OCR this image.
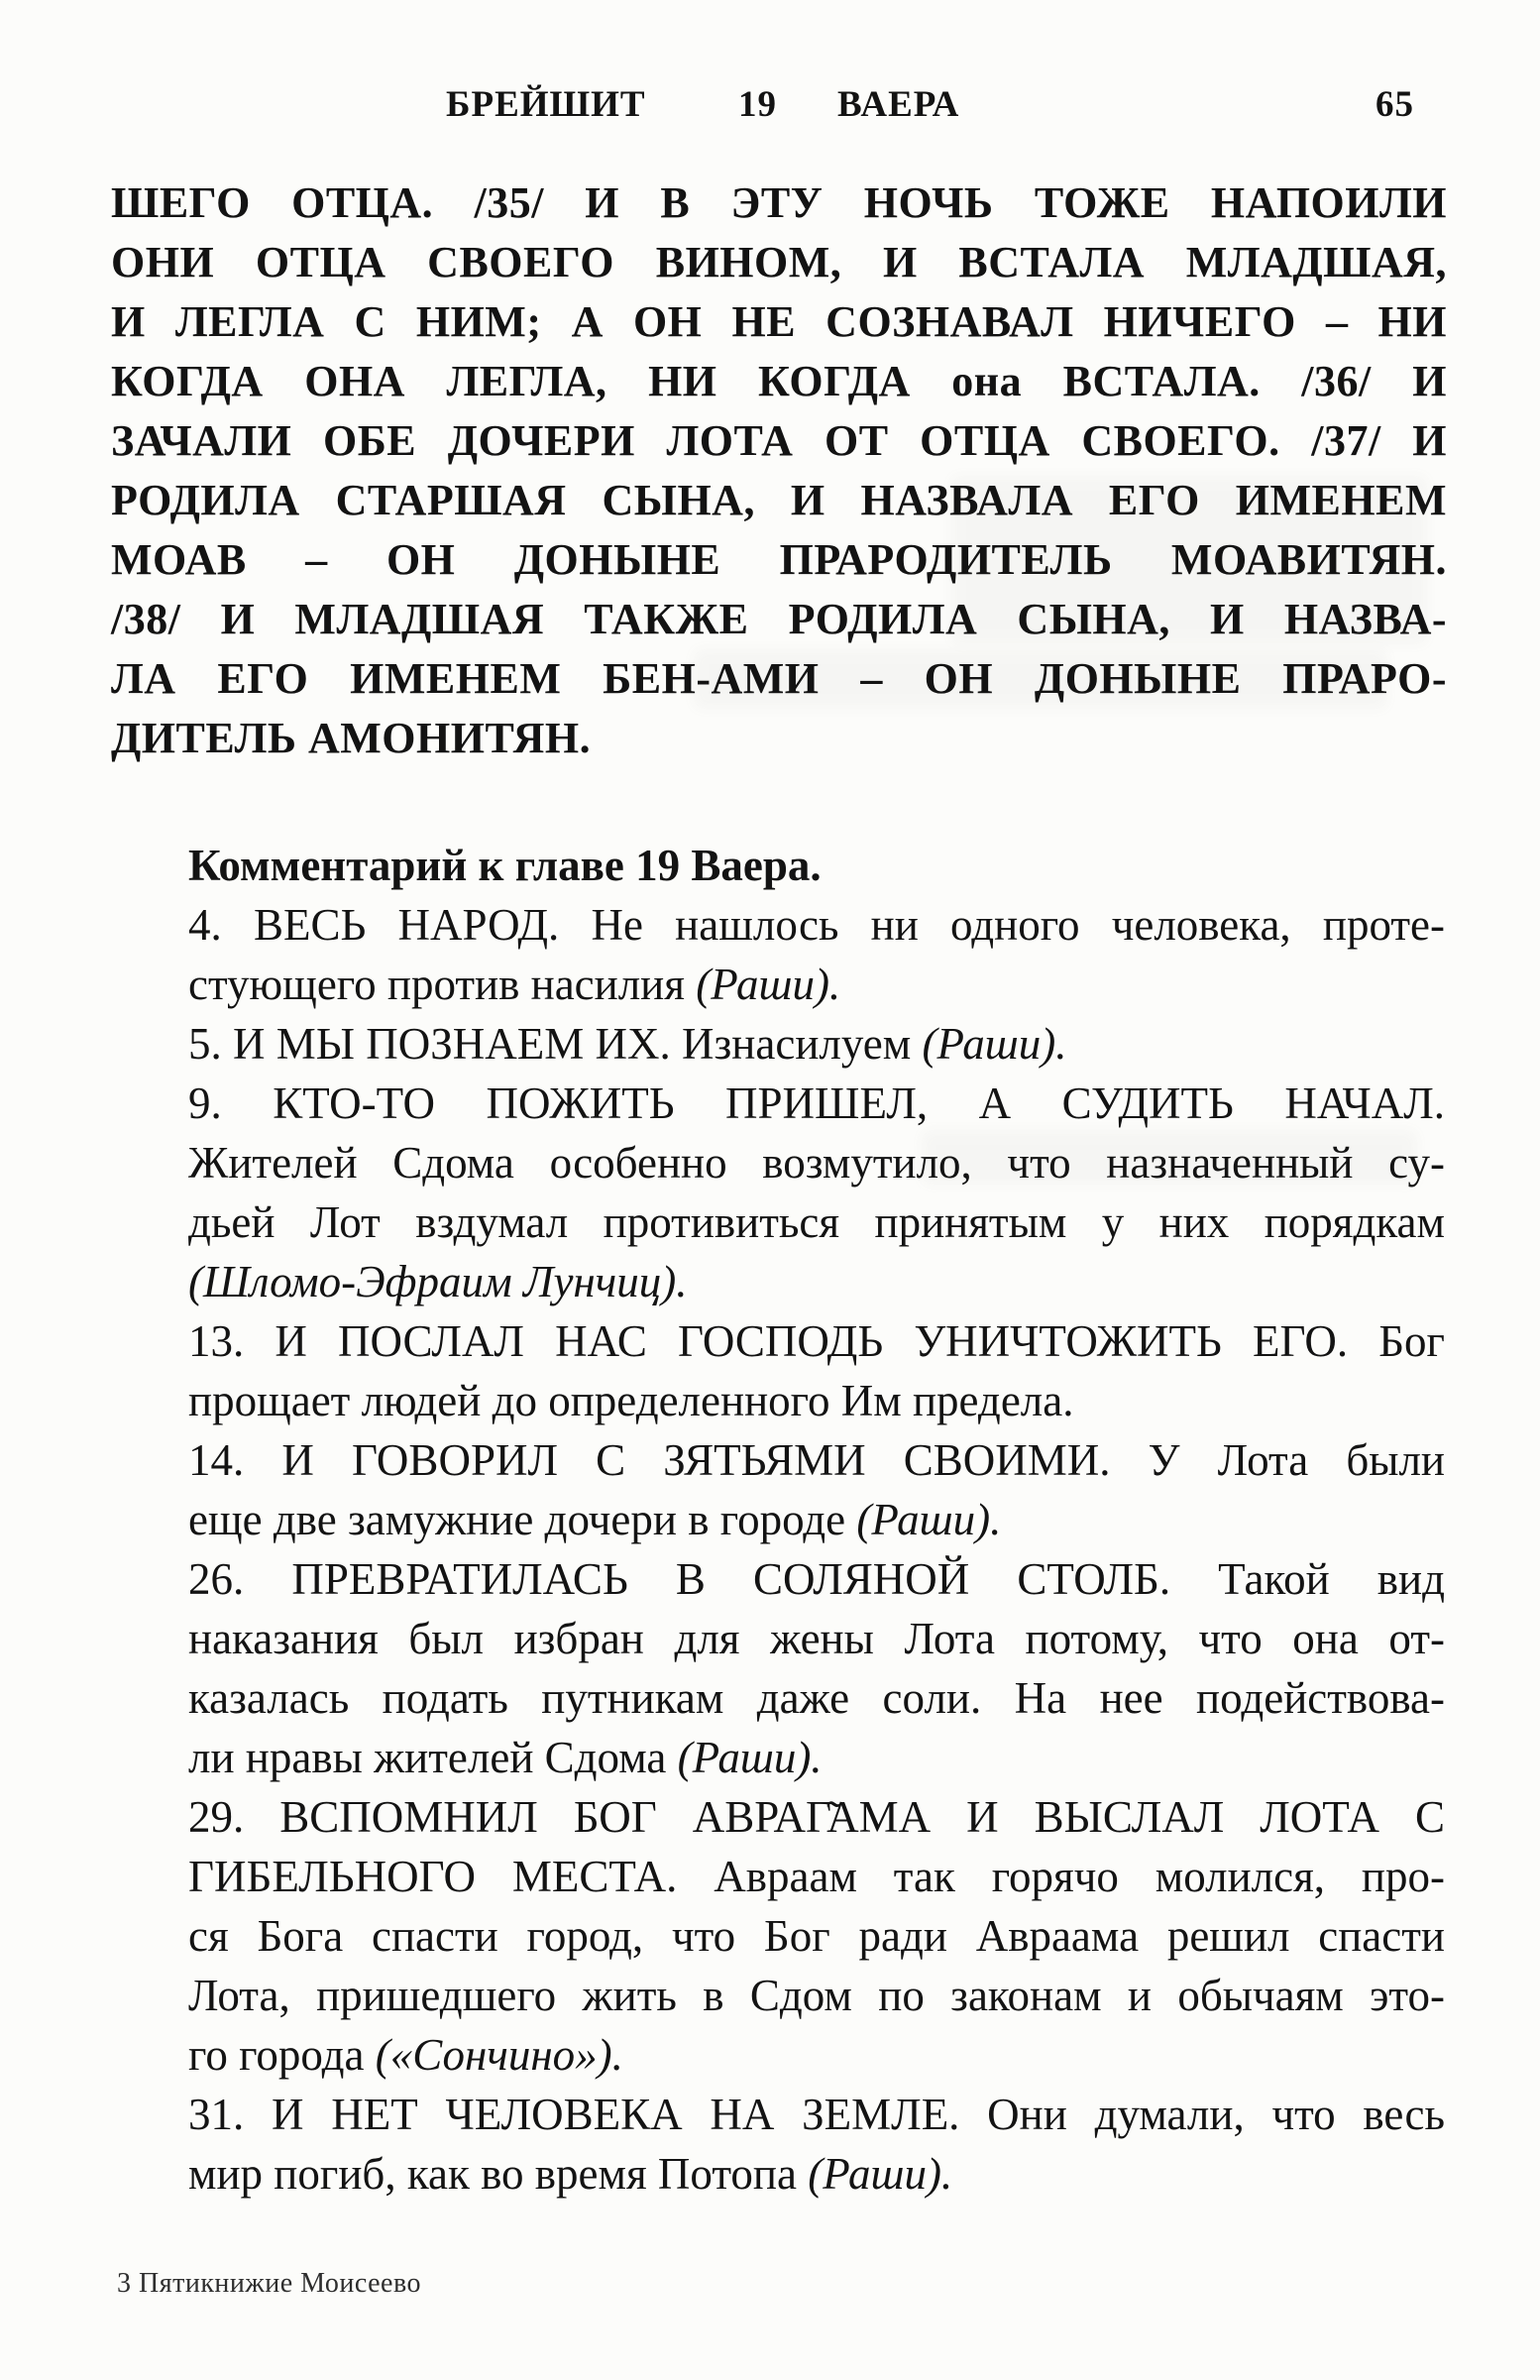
БРЕЙШИТ	19 ВАЕРА	65
ШЕГО ОТЦА. /35/ И В ЭТУ НОЧЬ ТОЖЕ НАПОИЛИ
ОНИ ОТЦА СВОЕГО ВИНОМ, И ВСТАЛА МЛАДШАЯ,
И ЛЕГЛА С НИМ; А ОН НЕ СОЗНАВАЛ НИЧЕГО – НИ
КОГДА ОНА ЛЕГЛА, НИ КОГДА она ВСТАЛА. /36/ И
ЗАЧАЛИ ОБЕ ДОЧЕРИ ЛОТА ОТ ОТЦА СВОЕГО. /37/ И
РОДИЛА СТАРШАЯ СЫНА, И НАЗВАЛА ЕГО ИМЕНЕМ
МОАВ – ОН ДОНЫНЕ ПРАРОДИТЕЛЬ МОАВИТЯН.
/38/ И МЛАДШАЯ ТАКЖЕ РОДИЛА СЫНА, И НАЗВА-
ЛА ЕГО ИМЕНЕМ БЕН-АМИ – ОН ДОНЫНЕ ПРАРО-
ДИТЕЛЬ АМОНИТЯН.
Комментарий к главе 19 Ваера.
4. ВЕСЬ НАРОД. Не нашлось ни одного человека, проте-
стующего против насилия (Раши).
5. И МЫ ПОЗНАЕМ ИХ. Изнасилуем (Раши).
9. КТО-ТО ПОЖИТЬ ПРИШЕЛ, А СУДИТЬ НАЧАЛ.
Жителей Сдома особенно возмутило, что назначенный су-
дьей Лот вздумал противиться принятым у них порядкам
(Шломо-Эфраим Лунчиц).
13. И ПОСЛАЛ НАС ГОСПОДЬ УНИЧТОЖИТЬ ЕГО. Бог
прощает людей до определенного Им предела.
14. И ГОВОРИЛ С ЗЯТЬЯМИ СВОИМИ. У Лота были
еще две замужние дочери в городе (Раши).
26. ПРЕВРАТИЛАСЬ В СОЛЯНОЙ СТОЛБ. Такой вид
наказания был избран для жены Лота потому, что она от-
казалась подать путникам даже соли. На нее подействова-
ли нравы жителей Сдома (Раши).
29. ВСПОМНИЛ БОГ АВРАГ̃АМА И ВЫСЛАЛ ЛОТА С
ГИБЕЛЬНОГО МЕСТА. Авраам так горячо молился, про-
ся Бога спасти город, что Бог ради Авраама решил спасти
Лота, пришедшего жить в Сдом по законам и обычаям это-
го города («Сончино»).
31. И НЕТ ЧЕЛОВЕКА НА ЗЕМЛЕ. Они думали, что весь
мир погиб, как во время Потопа (Раши).
3 Пятикнижие Моисеево
